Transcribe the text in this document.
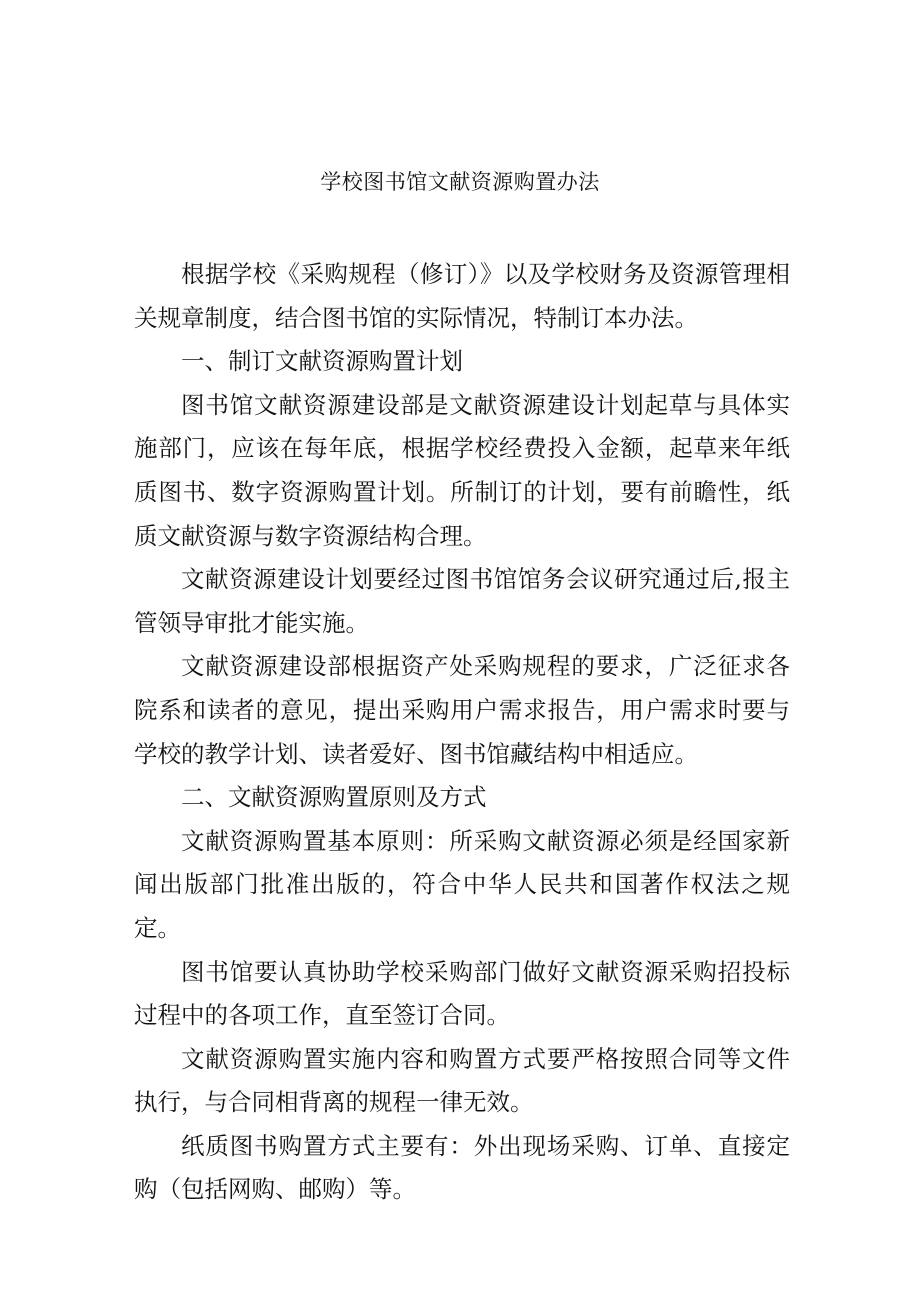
学校图书馆文献资源购置办法

根据学校《采购规程（修订）》以及学校财务及资源管理相关规章制度，结合图书馆的实际情况，特制订本办法。

一、制订文献资源购置计划

图书馆文献资源建设部是文献资源建设计划起草与具体实施部门，应该在每年底，根据学校经费投入金额，起草来年纸质图书、数字资源购置计划。所制订的计划，要有前瞻性，纸质文献资源与数字资源结构合理。

文献资源建设计划要经过图书馆馆务会议研究通过后,报主管领导审批才能实施。

文献资源建设部根据资产处采购规程的要求，广泛征求各院系和读者的意见，提出采购用户需求报告，用户需求时要与学校的教学计划、读者爱好、图书馆藏结构中相适应。

二、文献资源购置原则及方式

文献资源购置基本原则：所采购文献资源必须是经国家新闻出版部门批准出版的，符合中华人民共和国著作权法之规定。

图书馆要认真协助学校采购部门做好文献资源采购招投标过程中的各项工作，直至签订合同。

文献资源购置实施内容和购置方式要严格按照合同等文件执行，与合同相背离的规程一律无效。

纸质图书购置方式主要有：外出现场采购、订单、直接定购（包括网购、邮购）等。
